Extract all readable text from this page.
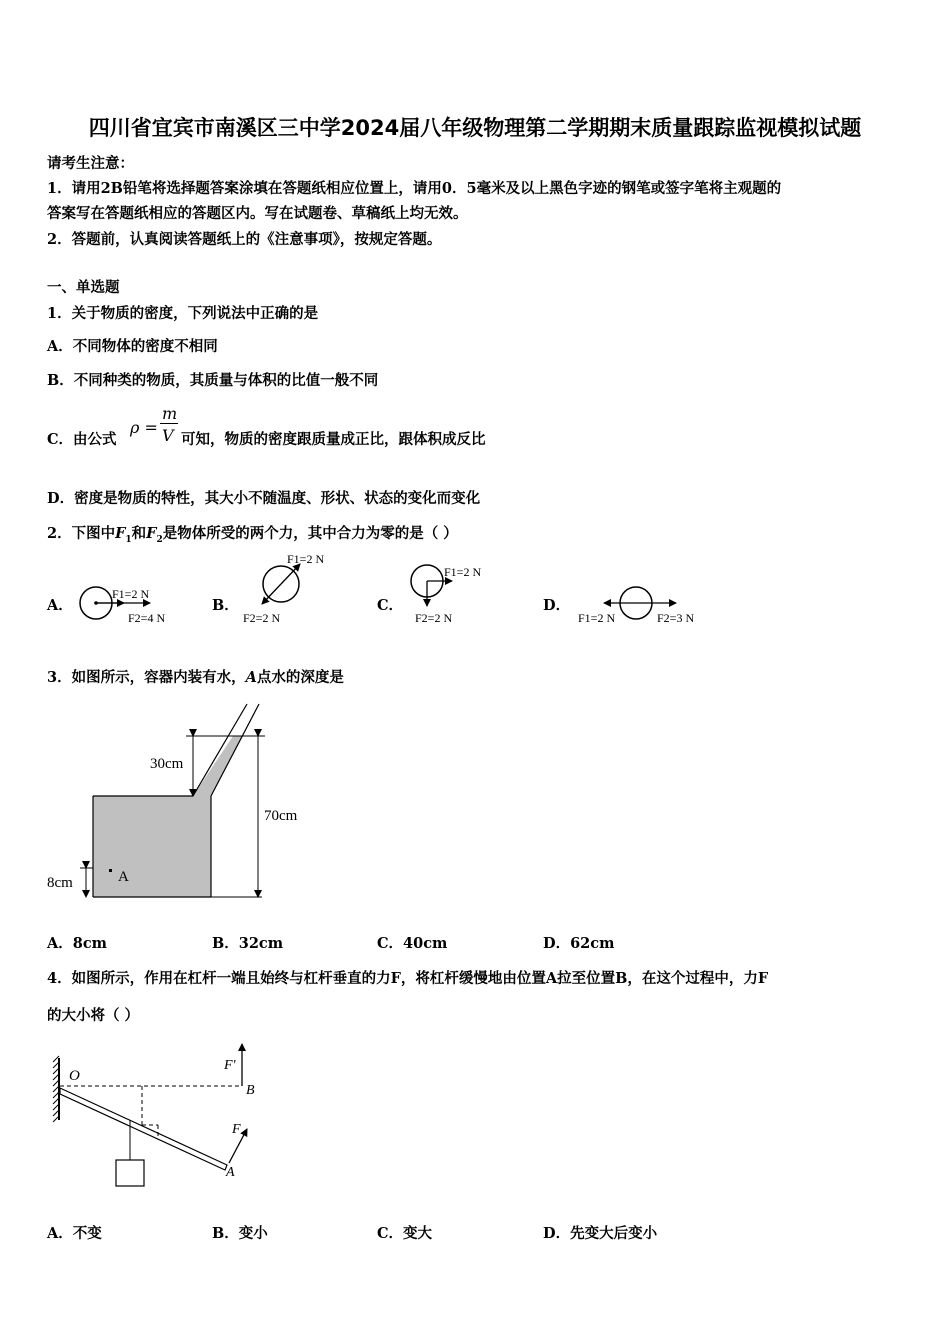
四川省宜宾市南溪区三中学2024届八年级物理第二学期期末质量跟踪监视模拟试题
请考生注意：
1．请用2B铅笔将选择题答案涂填在答题纸相应位置上，请用0．5毫米及以上黑色字迹的钢笔或签字笔将主观题的
答案写在答题纸相应的答题区内。写在试题卷、草稿纸上均无效。
2．答题前，认真阅读答题纸上的《注意事项》，按规定答题。
一、单选题
1．关于物质的密度，下列说法中正确的是
A．不同物体的密度不相同
B．不同种类的物质，其质量与体积的比值一般不同
C．由公式
ρ =
m
V 可知，物质的密度跟质量成正比，跟体积成反比
D．密度是物质的特性，其大小不随温度、形状、状态的变化而变化
2．下图中$F_1$和$F_2$是物体所受的两个力，其中合力为零的是（ ）
A．	B．	C．	D．
F1=2 N
F2=4 N
F1=2 N
F2=2 N
F1=2 N
F2=2 N	F1=2 N	F2=3 N
30cm
70cm
8cm	A
O
B
A
F'
F
3．如图所示，容器内装有水，A点水的深度是
A．8cm	B．32cm	C．40cm	D．62cm
4．如图所示，作用在杠杆一端且始终与杠杆垂直的力F，将杠杆缓慢地由位置A拉至位置B，在这个过程中，力F
的大小将（ ）
A．不变	B．变小	C．变大	D．先变大后变小
